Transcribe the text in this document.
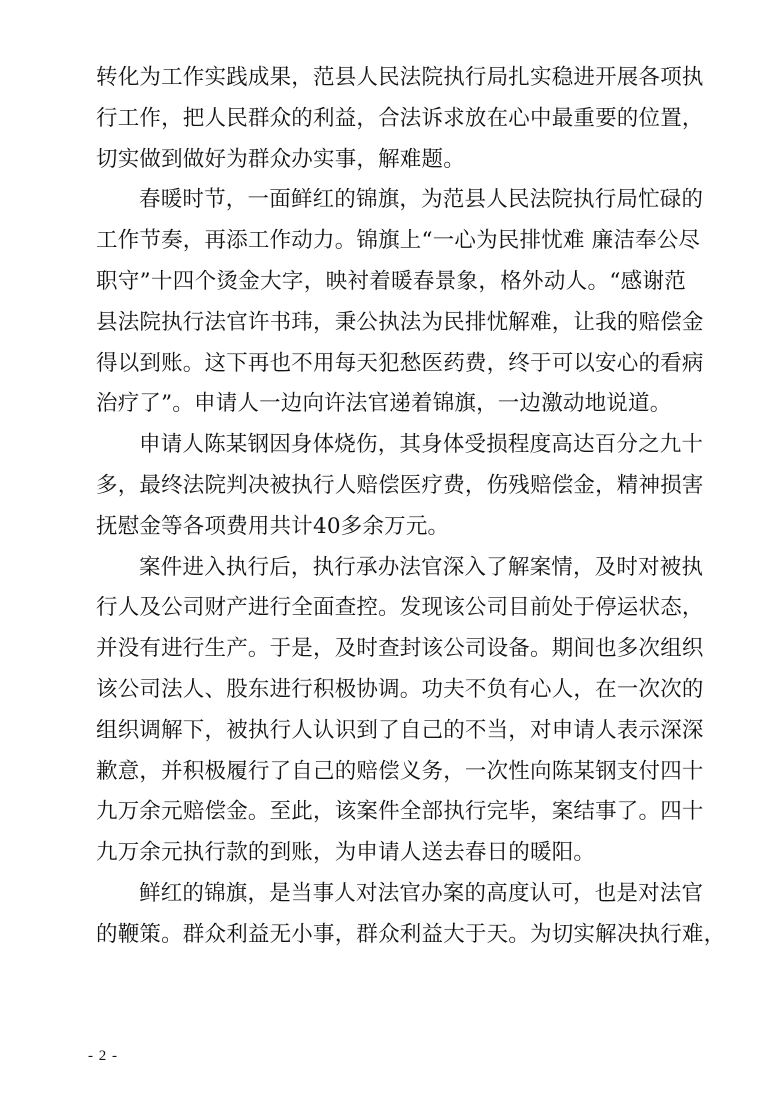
转化为工作实践成果，范县人民法院执行局扎实稳进开展各项执
行工作，把人民群众的利益，合法诉求放在心中最重要的位置，
切实做到做好为群众办实事，解难题。
春暖时节，一面鲜红的锦旗，为范县人民法院执行局忙碌的
工作节奏，再添工作动力。锦旗上“一心为民排忧难 廉洁奉公尽
职守”十四个烫金大字，映衬着暖春景象，格外动人。“感谢范
县法院执行法官许书玮，秉公执法为民排忧解难，让我的赔偿金
得以到账。这下再也不用每天犯愁医药费，终于可以安心的看病
治疗了”。申请人一边向许法官递着锦旗，一边激动地说道。
申请人陈某钢因身体烧伤，其身体受损程度高达百分之九十
多，最终法院判决被执行人赔偿医疗费，伤残赔偿金，精神损害
抚慰金等各项费用共计40多余万元。
案件进入执行后，执行承办法官深入了解案情，及时对被执
行人及公司财产进行全面查控。发现该公司目前处于停运状态，
并没有进行生产。于是，及时查封该公司设备。期间也多次组织
该公司法人、股东进行积极协调。功夫不负有心人，在一次次的
组织调解下，被执行人认识到了自己的不当，对申请人表示深深
歉意，并积极履行了自己的赔偿义务，一次性向陈某钢支付四十
九万余元赔偿金。至此，该案件全部执行完毕，案结事了。四十
九万余元执行款的到账，为申请人送去春日的暖阳。
鲜红的锦旗，是当事人对法官办案的高度认可，也是对法官
的鞭策。群众利益无小事，群众利益大于天。为切实解决执行难，
- 2 -
